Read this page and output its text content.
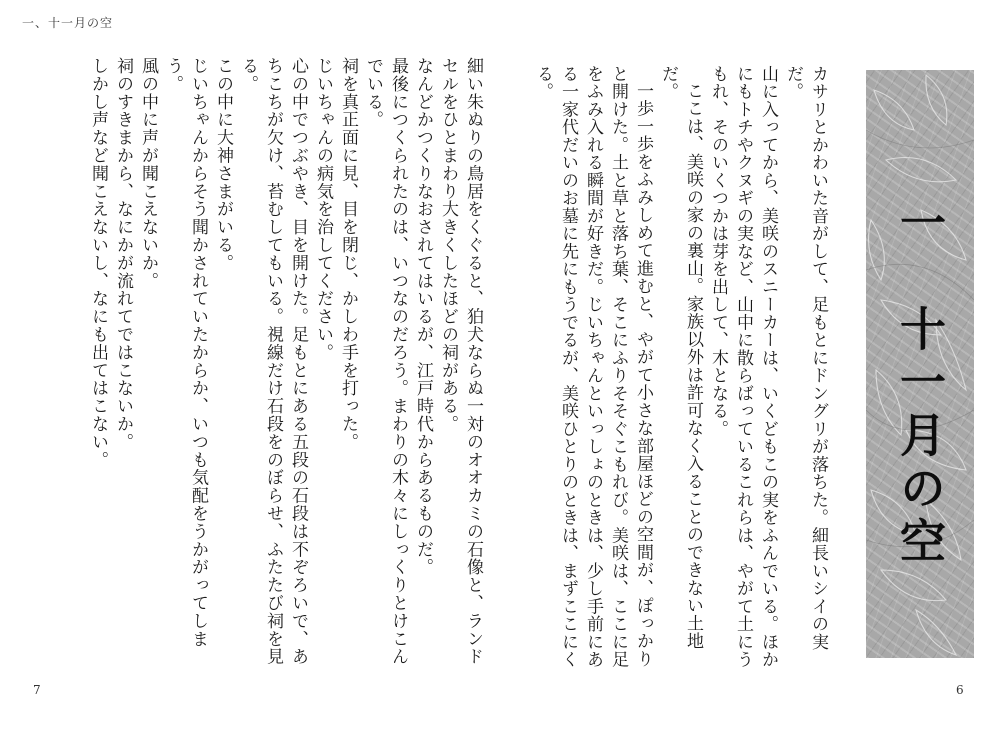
一、十一月の空

カサリとかわいた音がして、足もとにドングリが落ちた。細長いシイの実だ。

山に入ってから、美咲のスニーカーは、いくどもこの実をふんでいる。ほかにもトチやクヌギの実など、山中に散らばっているこれらは、やがて土にうもれ、そのいくつかは芽を出して、木となる。

ここは、美咲の家の裏山。家族以外は許可なく入ることのできない土地だ。

一歩一歩をふみしめて進むと、やがて小さな部屋ほどの空間が、ぽっかりと開けた。土と草と落ち葉、そこにふりそそぐこもれび。美咲は、ここに足をふみ入れる瞬間が好きだ。じいちゃんといっしょのときは、少し手前にある一家代だいのお墓に先にもうでるが、美咲ひとりのときは、まずここにくる。

一　十一月の空

細い朱ぬりの鳥居をくぐると、狛犬ならぬ一対のオオカミの石像と、ランドセルをひとまわり大きくしたほどの祠がある。

なんどかつくりなおされてはいるが、江戸時代からあるものだ。

最後につくられたのは、いつなのだろう。まわりの木々にしっくりとけこんでいる。

祠を真正面に見、目を閉じ、かしわ手を打った。

じいちゃんの病気を治してください。

心の中でつぶやき、目を開けた。足もとにある五段の石段は不ぞろいで、あちこちが欠け、苔むしてもいる。視線だけ石段をのぼらせ、ふたたび祠を見る。

この中に大神さまがいる。

じいちゃんからそう聞かされていたからか、いつも気配をうかがってしまう。

風の中に声が聞こえないか。

祠のすきまから、なにかが流れてではこないか。

しかし声など聞こえないし、なにも出てはこない。

7	6
